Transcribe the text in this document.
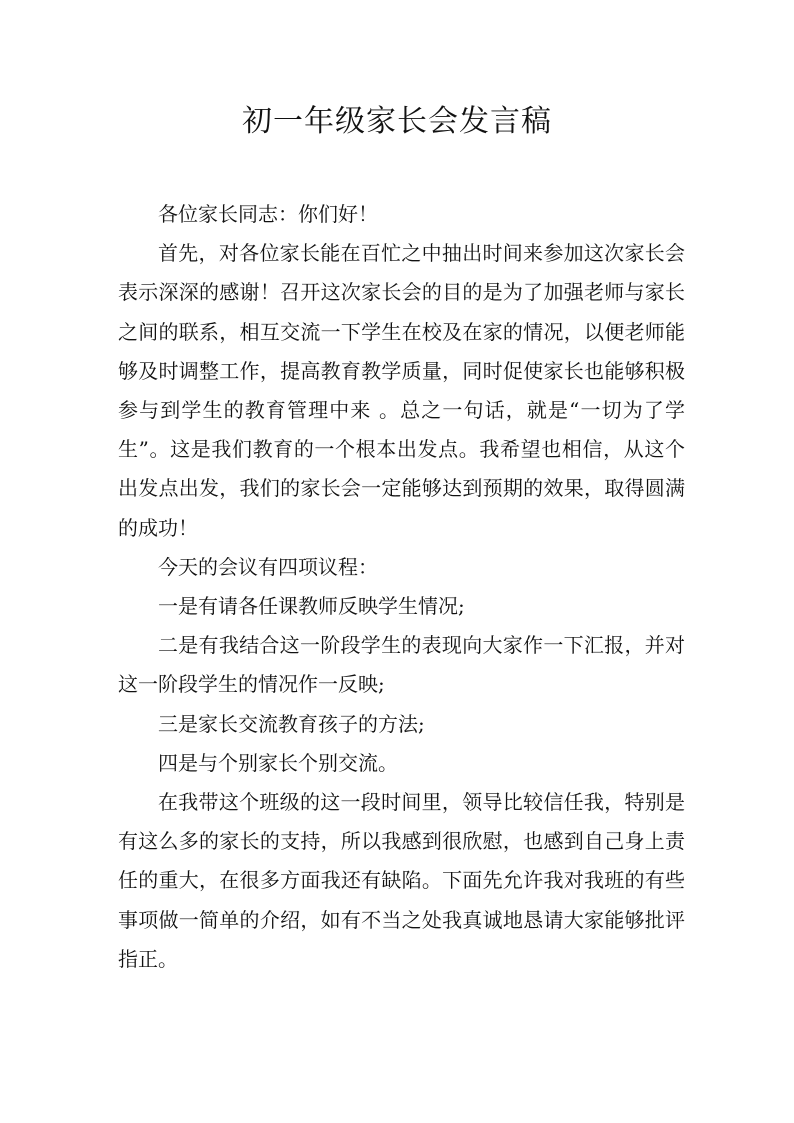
初一年级家长会发言稿

各位家长同志：你们好！

首先，对各位家长能在百忙之中抽出时间来参加这次家长会表示深深的感谢！召开这次家长会的目的是为了加强老师与家长之间的联系，相互交流一下学生在校及在家的情况，以便老师能够及时调整工作，提高教育教学质量，同时促使家长也能够积极参与到学生的教育管理中来 。总之一句话，就是“一切为了学生”。这是我们教育的一个根本出发点。我希望也相信，从这个出发点出发，我们的家长会一定能够达到预期的效果，取得圆满的成功！

今天的会议有四项议程：

一是有请各任课教师反映学生情况;

二是有我结合这一阶段学生的表现向大家作一下汇报，并对这一阶段学生的情况作一反映;

三是家长交流教育孩子的方法;

四是与个别家长个别交流。

在我带这个班级的这一段时间里，领导比较信任我，特别是有这么多的家长的支持，所以我感到很欣慰，也感到自己身上责任的重大，在很多方面我还有缺陷。下面先允许我对我班的有些事项做一简单的介绍，如有不当之处我真诚地恳请大家能够批评指正。
